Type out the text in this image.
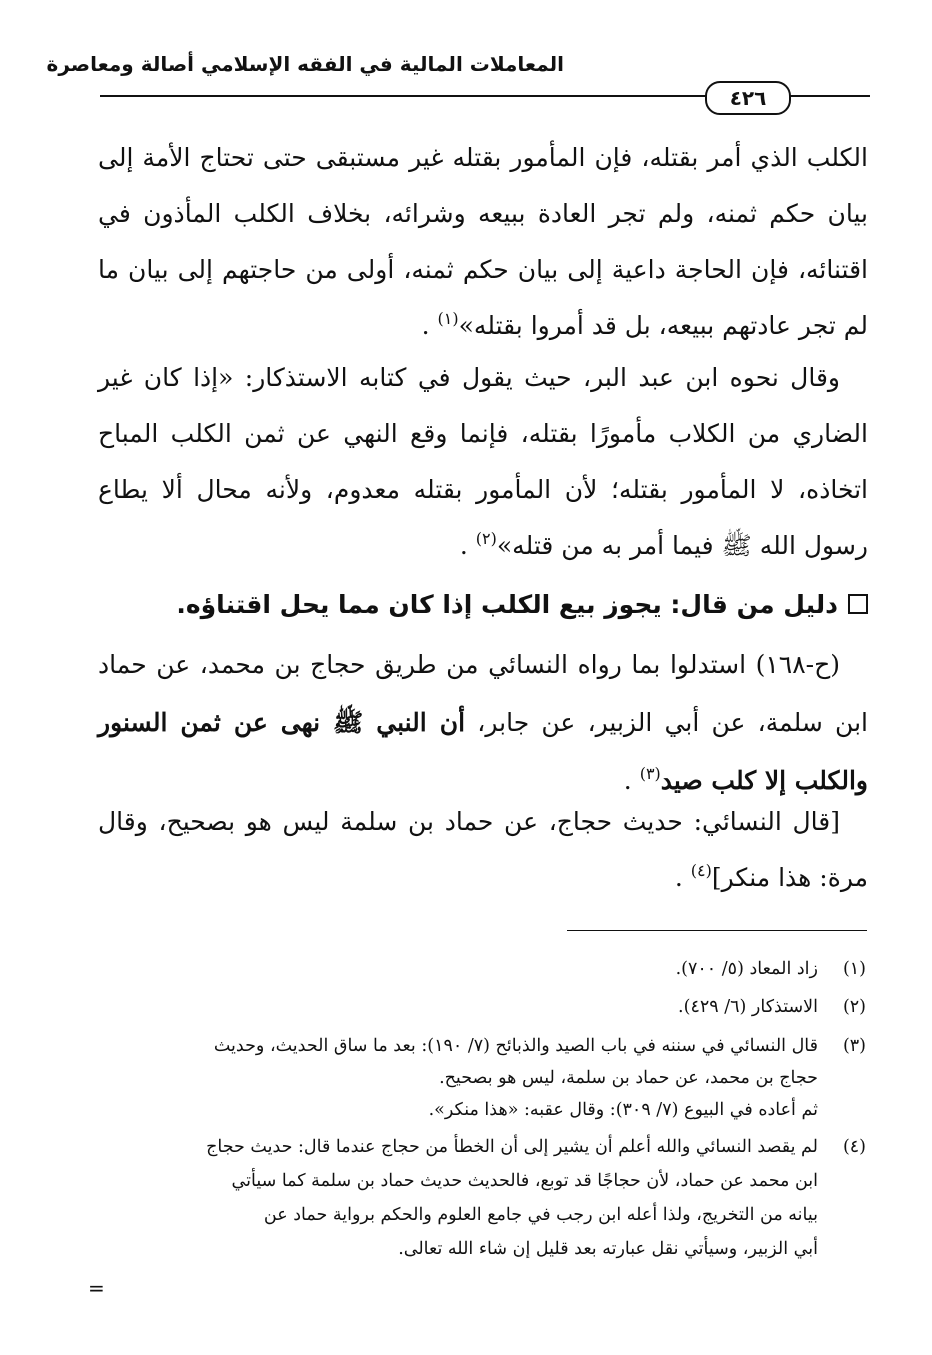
المعاملات المالية في الفقه الإسلامي أصالة ومعاصرة
٤٢٦
الكلب الذي أمر بقتله، فإن المأمور بقتله غير مستبقى حتى تحتاج الأمة إلى بيان حكم ثمنه، ولم تجر العادة ببيعه وشرائه، بخلاف الكلب المأذون في اقتنائه، فإن الحاجة داعية إلى بيان حكم ثمنه، أولى من حاجتهم إلى بيان ما لم تجر عادتهم ببيعه، بل قد أمروا بقتله»$^{(١)}$ .
وقال نحوه ابن عبد البر، حيث يقول في كتابه الاستذكار: «إذا كان غير الضاري من الكلاب مأمورًا بقتله، فإنما وقع النهي عن ثمن الكلب المباح اتخاذه، لا المأمور بقتله؛ لأن المأمور بقتله معدوم، ولأنه محال ألا يطاع رسول الله ﷺ فيما أمر به من قتله»$^{(٢)}$ .
دليل من قال: يجوز بيع الكلب إذا كان مما يحل اقتناؤه.
(ح-١٦٨) استدلوا بما رواه النسائي من طريق حجاج بن محمد، عن حماد ابن سلمة، عن أبي الزبير، عن جابر، أن النبي ﷺ نهى عن ثمن السنور والكلب إلا كلب صيد$^{(٣)}$ .
[قال النسائي: حديث حجاج، عن حماد بن سلمة ليس هو بصحيح، وقال مرة: هذا منكر]$^{(٤)}$ .
(١)
زاد المعاد (٥/ ٧٠٠).
(٢)
الاستذكار (٦/ ٤٢٩).
(٣)
قال النسائي في سننه في باب الصيد والذبائح (٧/ ١٩٠): بعد ما ساق الحديث، وحديث
حجاج بن محمد، عن حماد بن سلمة، ليس هو بصحيح.
ثم أعاده في البيوع (٧/ ٣٠٩): وقال عقبه: «هذا منكر».
(٤)
لم يقصد النسائي والله أعلم أن يشير إلى أن الخطأ من حجاج عندما قال: حديث حجاج
ابن محمد عن حماد، لأن حجاجًا قد توبع، فالحديث حديث حماد بن سلمة كما سيأتي
بيانه من التخريج، ولذا أعله ابن رجب في جامع العلوم والحكم برواية حماد عن
أبي الزبير، وسيأتي نقل عبارته بعد قليل إن شاء الله تعالى.
=
